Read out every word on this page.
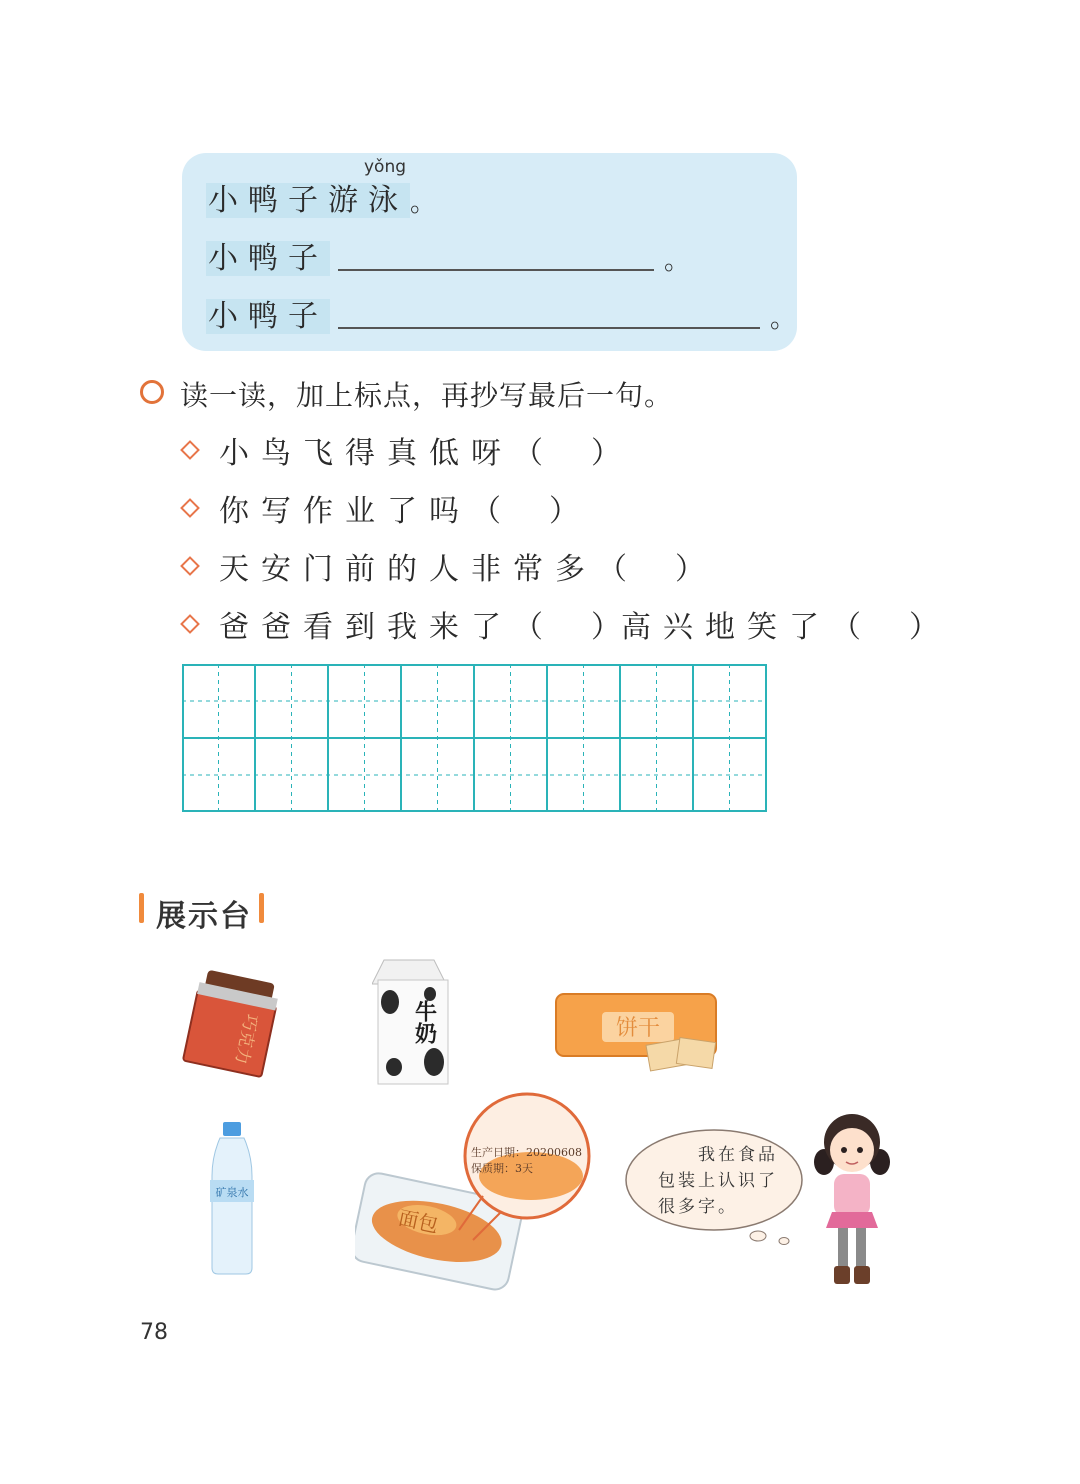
小鸭子游泳 。
小鸭子	。
小鸭子	。
yǒng
读一读，加上标点，再抄写最后一句。
小鸟飞得真低呀 （ ）
你写作业了吗 （ ）
天安门前的人非常多 （ ）
爸爸看到我来了 （ ） 高兴地笑了 （ ）
展示台
巧克力	牛奶	饼干
矿泉水
面包
生产日期：20200608
保质期：3天
我在食品
包装上认识了
很多字。
78
